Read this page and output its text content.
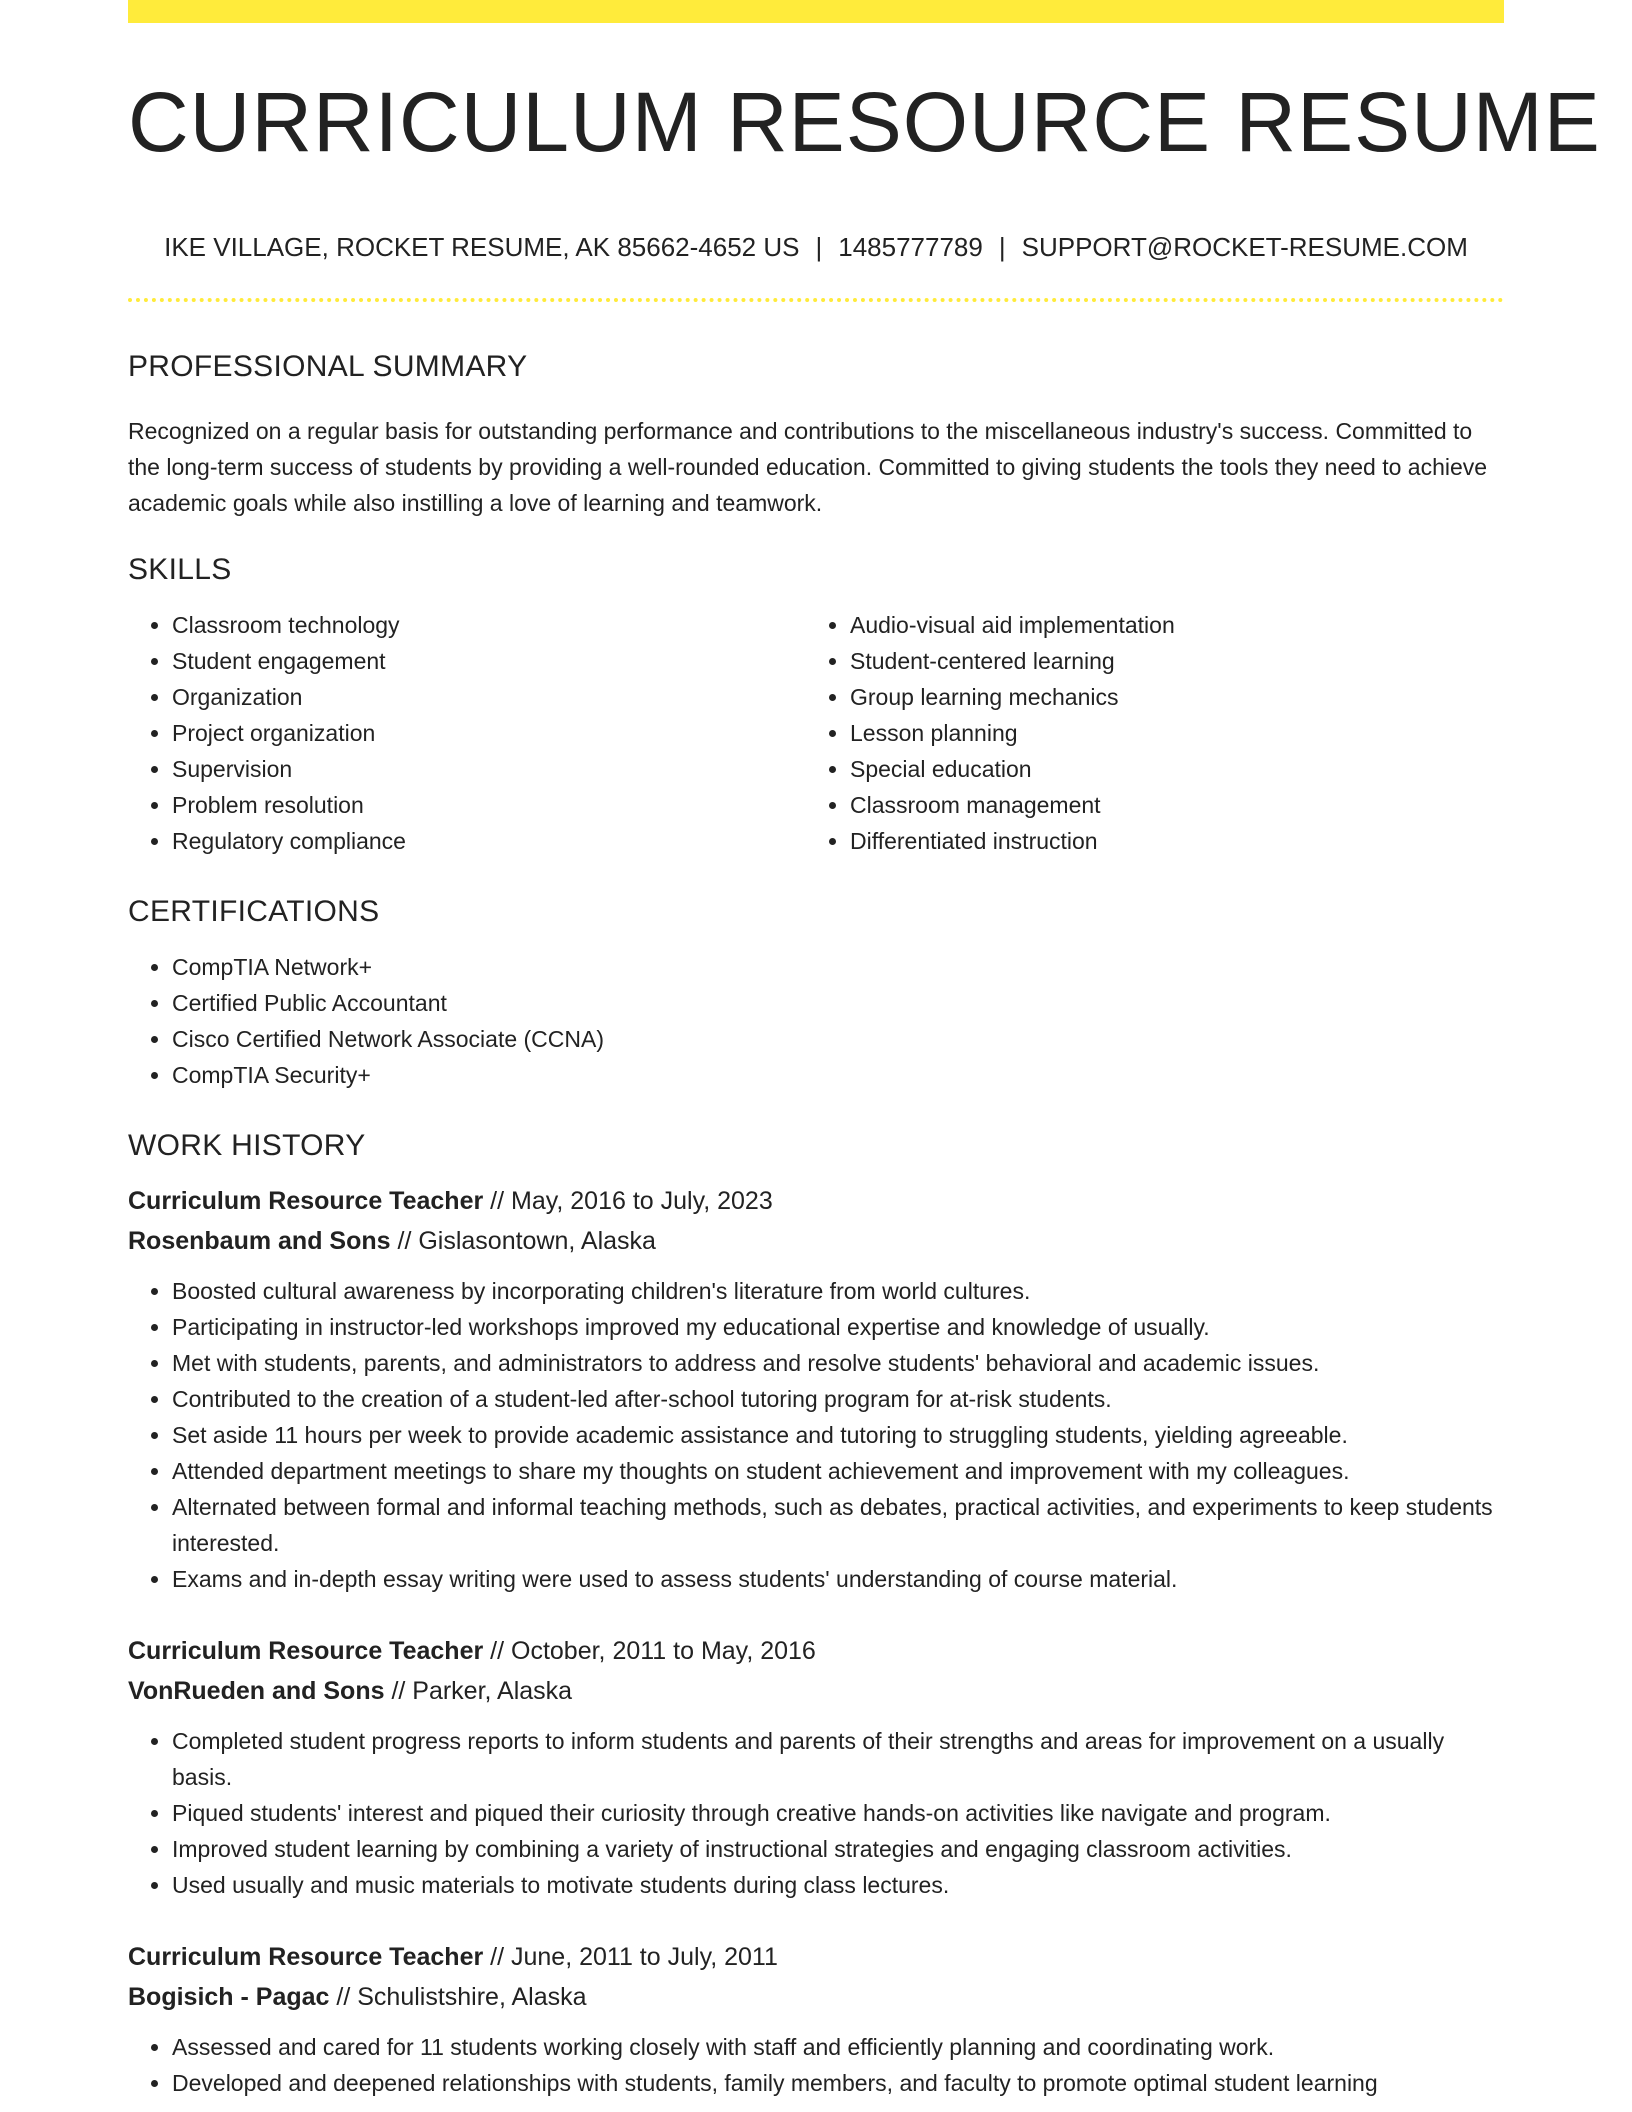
CURRICULUM RESOURCE RESUME
IKE VILLAGE, ROCKET RESUME, AK 85662-4652 US | 1485777789 | SUPPORT@ROCKET-RESUME.COM
PROFESSIONAL SUMMARY

Recognized on a regular basis for outstanding performance and contributions to the miscellaneous industry's success. Committed to the long-term success of students by providing a well-rounded education. Committed to giving students the tools they need to achieve academic goals while also instilling a love of learning and teamwork.

SKILLS
• Classroom technology
• Student engagement
• Organization
• Project organization
• Supervision
• Problem resolution
• Regulatory compliance
• Audio-visual aid implementation
• Student-centered learning
• Group learning mechanics
• Lesson planning
• Special education
• Classroom management
• Differentiated instruction
CERTIFICATIONS
• CompTIA Network+
• Certified Public Accountant
• Cisco Certified Network Associate (CCNA)
• CompTIA Security+
WORK HISTORY
Curriculum Resource Teacher // May, 2016 to July, 2023
Rosenbaum and Sons // Gislasontown, Alaska
• Boosted cultural awareness by incorporating children's literature from world cultures.
• Participating in instructor-led workshops improved my educational expertise and knowledge of usually.
• Met with students, parents, and administrators to address and resolve students' behavioral and academic issues.
• Contributed to the creation of a student-led after-school tutoring program for at-risk students.
• Set aside 11 hours per week to provide academic assistance and tutoring to struggling students, yielding agreeable.
• Attended department meetings to share my thoughts on student achievement and improvement with my colleagues.
• Alternated between formal and informal teaching methods, such as debates, practical activities, and experiments to keep students interested.
• Exams and in-depth essay writing were used to assess students' understanding of course material.
Curriculum Resource Teacher // October, 2011 to May, 2016
VonRueden and Sons // Parker, Alaska
• Completed student progress reports to inform students and parents of their strengths and areas for improvement on a usually basis.
• Piqued students' interest and piqued their curiosity through creative hands-on activities like navigate and program.
• Improved student learning by combining a variety of instructional strategies and engaging classroom activities.
• Used usually and music materials to motivate students during class lectures.
Curriculum Resource Teacher // June, 2011 to July, 2011
Bogisich - Pagac // Schulistshire, Alaska
• Assessed and cared for 11 students working closely with staff and efficiently planning and coordinating work.
• Developed and deepened relationships with students, family members, and faculty to promote optimal student learning
